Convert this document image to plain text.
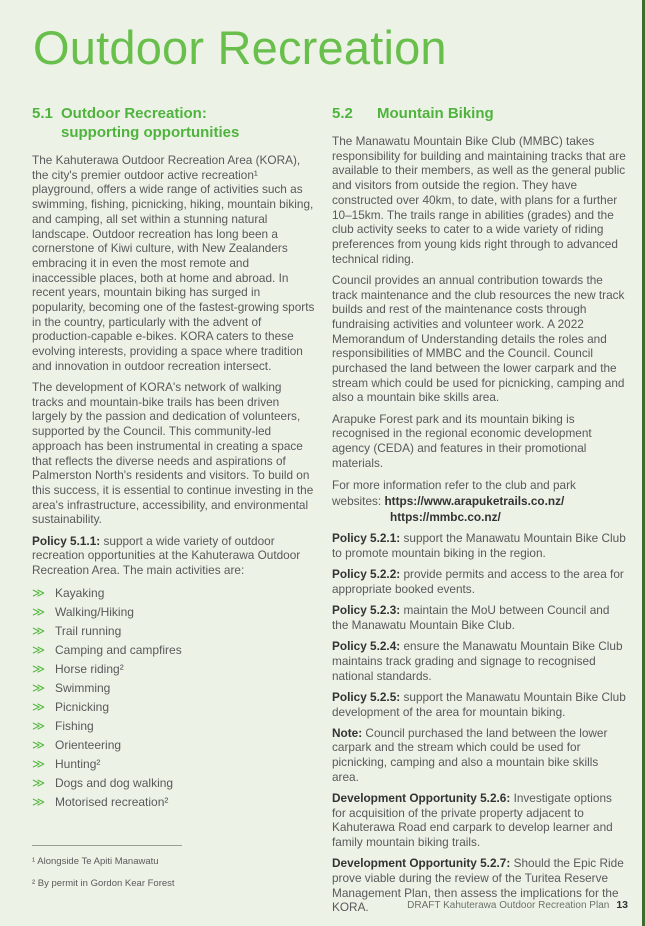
Outdoor Recreation
5.1 Outdoor Recreation:
supporting opportunities

The Kahuterawa Outdoor Recreation Area (KORA), the city's premier outdoor active recreation¹ playground, offers a wide range of activities such as swimming, fishing, picnicking, hiking, mountain biking, and camping, all set within a stunning natural landscape. Outdoor recreation has long been a cornerstone of Kiwi culture, with New Zealanders embracing it in even the most remote and inaccessible places, both at home and abroad. In recent years, mountain biking has surged in popularity, becoming one of the fastest-growing sports in the country, particularly with the advent of production-capable e-bikes. KORA caters to these evolving interests, providing a space where tradition and innovation in outdoor recreation intersect.

The development of KORA's network of walking tracks and mountain-bike trails has been driven largely by the passion and dedication of volunteers, supported by the Council. This community-led approach has been instrumental in creating a space that reflects the diverse needs and aspirations of Palmerston North's residents and visitors. To build on this success, it is essential to continue investing in the area's infrastructure, accessibility, and environmental sustainability.

Policy 5.1.1: support a wide variety of outdoor recreation opportunities at the Kahuterawa Outdoor Recreation Area. The main activities are:

≫ Kayaking
≫ Walking/Hiking
≫ Trail running
≫ Camping and campfires
≫ Horse riding²
≫ Swimming
≫ Picnicking
≫ Fishing
≫ Orienteering
≫ Hunting²
≫ Dogs and dog walking
≫ Motorised recreation²
5.2	Mountain Biking

The Manawatu Mountain Bike Club (MMBC) takes responsibility for building and maintaining tracks that are available to their members, as well as the general public and visitors from outside the region. They have constructed over 40km, to date, with plans for a further 10–15km. The trails range in abilities (grades) and the club activity seeks to cater to a wide variety of riding preferences from young kids right through to advanced technical riding.

Council provides an annual contribution towards the track maintenance and the club resources the new track builds and rest of the maintenance costs through fundraising activities and volunteer work. A 2022 Memorandum of Understanding details the roles and responsibilities of MMBC and the Council. Council purchased the land between the lower carpark and the stream which could be used for picnicking, camping and also a mountain bike skills area.

Arapuke Forest park and its mountain biking is recognised in the regional economic development agency (CEDA) and features in their promotional materials.

For more information refer to the club and park websites: https://www.arapuketrails.co.nz/
https://mmbc.co.nz/

Policy 5.2.1: support the Manawatu Mountain Bike Club to promote mountain biking in the region.

Policy 5.2.2: provide permits and access to the area for appropriate booked events.

Policy 5.2.3: maintain the MoU between Council and the Manawatu Mountain Bike Club.

Policy 5.2.4: ensure the Manawatu Mountain Bike Club maintains track grading and signage to recognised national standards.

Policy 5.2.5: support the Manawatu Mountain Bike Club development of the area for mountain biking.

Note: Council purchased the land between the lower carpark and the stream which could be used for picnicking, camping and also a mountain bike skills area.

Development Opportunity 5.2.6: Investigate options for acquisition of the private property adjacent to Kahuterawa Road end carpark to develop learner and family mountain biking trails.

Development Opportunity 5.2.7: Should the Epic Ride prove viable during the review of the Turitea Reserve Management Plan, then assess the implications for the KORA.

¹ Alongside Te Apiti Manawatu

² By permit in Gordon Kear Forest

DRAFT Kahuterawa Outdoor Recreation Plan 13
